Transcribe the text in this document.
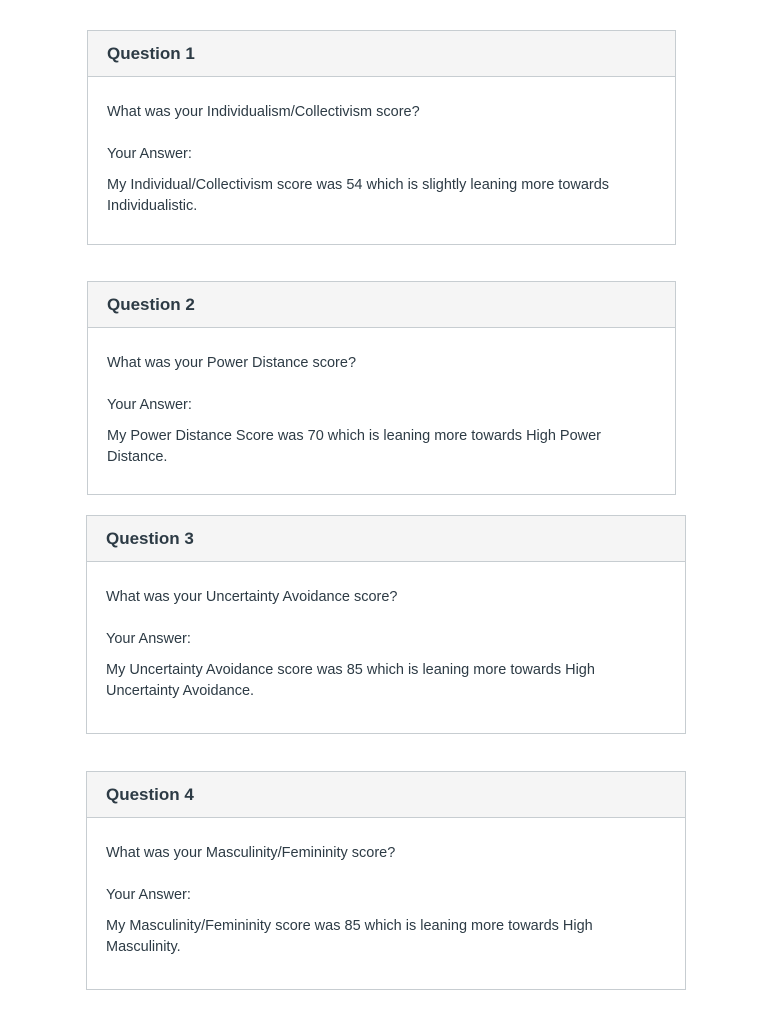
Question 1
What was your Individualism/Collectivism score?
Your Answer:
My Individual/Collectivism score was 54 which is slightly leaning more towards Individualistic.
Question 2
What was your Power Distance score?
Your Answer:
My Power Distance Score was 70 which is leaning more towards High Power Distance.
Question 3
What was your Uncertainty Avoidance score?
Your Answer:
My Uncertainty Avoidance score was 85 which is leaning more towards High Uncertainty Avoidance.
Question 4
What was your Masculinity/Femininity score?
Your Answer:
My Masculinity/Femininity score was 85 which is leaning more towards High Masculinity.
